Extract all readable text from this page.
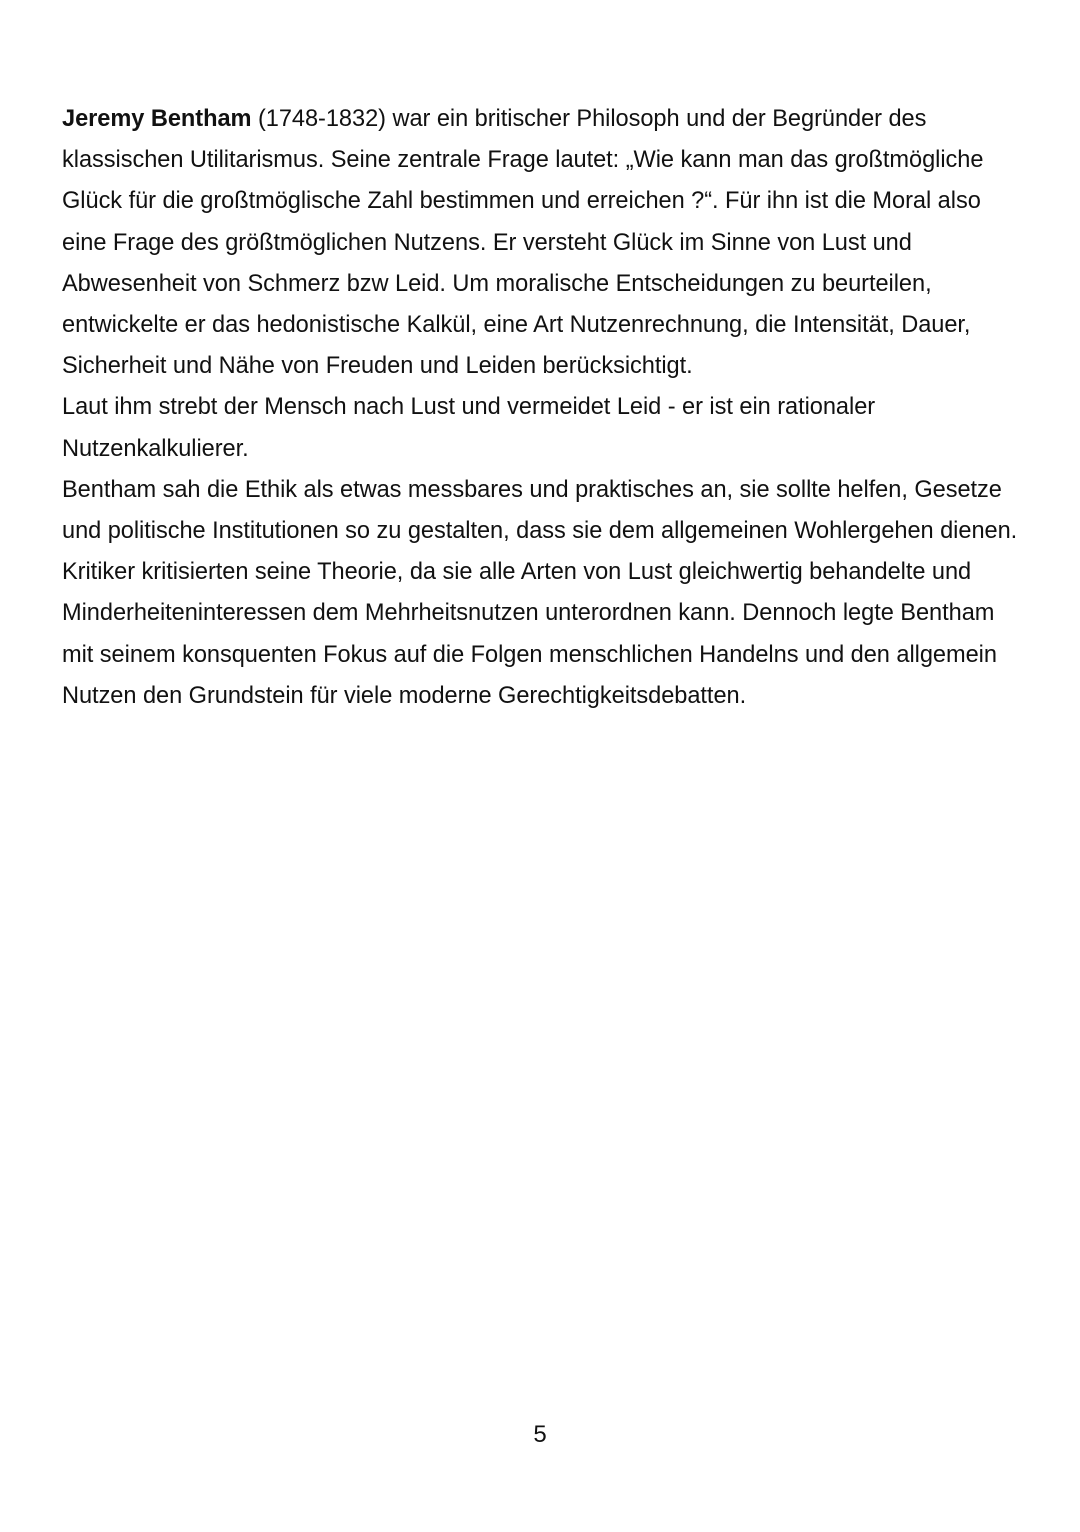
Jeremy Bentham (1748-1832) war ein britischer Philosoph und der Begründer des klassischen Utilitarismus. Seine zentrale Frage lautet: „Wie kann man das großtmögliche Glück für die großtmöglische Zahl bestimmen und erreichen ?“. Für ihn ist die Moral also eine Frage des größtmöglichen Nutzens. Er versteht Glück im Sinne von Lust und Abwesenheit von Schmerz bzw Leid. Um moralische Entscheidungen zu beurteilen, entwickelte er das hedonistische Kalkül, eine Art Nutzenrechnung, die Intensität, Dauer, Sicherheit und Nähe von Freuden und Leiden berücksichtigt.

Laut ihm strebt der Mensch nach Lust und vermeidet Leid - er ist ein rationaler Nutzenkalkulierer.

Bentham sah die Ethik als etwas messbares und praktisches an, sie sollte helfen, Gesetze und politische Institutionen so zu gestalten, dass sie dem allgemeinen Wohlergehen dienen.

Kritiker kritisierten seine Theorie, da sie alle Arten von Lust gleichwertig behandelte und Minderheiteninteressen dem Mehrheitsnutzen unterordnen kann. Dennoch legte Bentham mit seinem konsquenten Fokus auf die Folgen menschlichen Handelns und den allgemein Nutzen den Grundstein für viele moderne Gerechtigkeitsdebatten.

5
